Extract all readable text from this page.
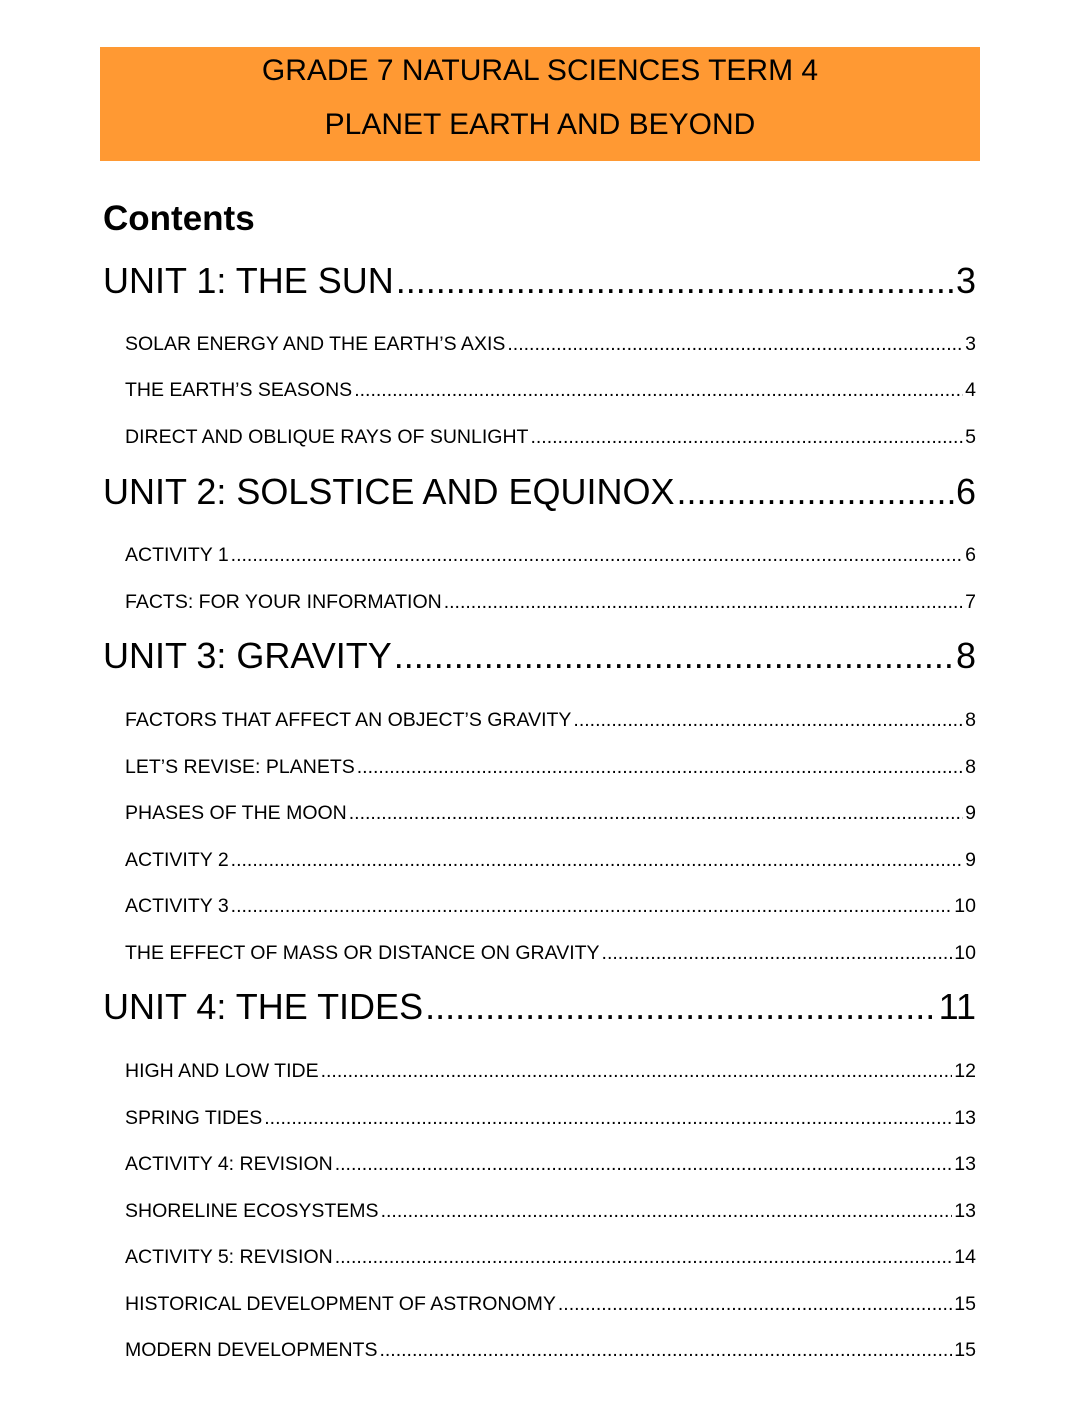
GRADE 7 NATURAL SCIENCES TERM 4
PLANET EARTH AND BEYOND
Contents
UNIT 1: THE SUN .....	3
SOLAR ENERGY AND THE EARTH’S AXIS .....	3
THE EARTH’S SEASONS .....	4
DIRECT AND OBLIQUE RAYS OF SUNLIGHT .....	5
UNIT 2: SOLSTICE AND EQUINOX .....	6
ACTIVITY 1 .....	6
FACTS: FOR YOUR INFORMATION .....	7
UNIT 3: GRAVITY .....	8
FACTORS THAT AFFECT AN OBJECT’S GRAVITY .....	8
LET’S REVISE: PLANETS .....	8
PHASES OF THE MOON .....	9
ACTIVITY 2 .....	9
ACTIVITY 3 .....	10
THE EFFECT OF MASS OR DISTANCE ON GRAVITY .....	10
UNIT 4: THE TIDES .....	11
HIGH AND LOW TIDE .....	12
SPRING TIDES .....	13
ACTIVITY 4: REVISION .....	13
SHORELINE ECOSYSTEMS .....	13
ACTIVITY 5: REVISION .....	14
HISTORICAL DEVELOPMENT OF ASTRONOMY .....	15
MODERN DEVELOPMENTS .....	15
